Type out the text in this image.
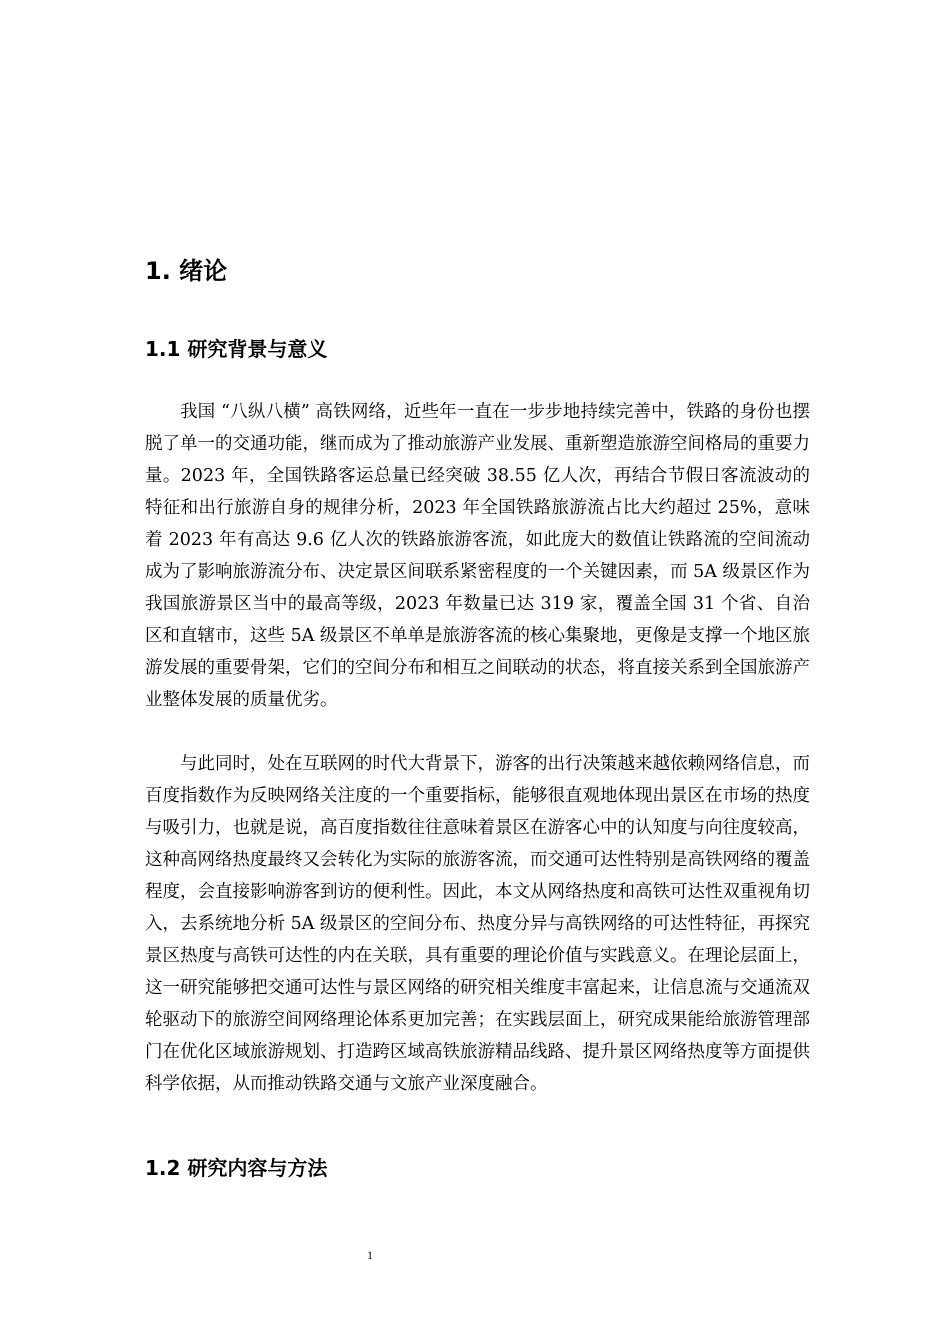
1. 绪论
1.1 研究背景与意义

我国 “八纵八横” 高铁网络，近些年一直在一步步地持续完善中，铁路的身份也摆脱了单一的交通功能，继而成为了推动旅游产业发展、重新塑造旅游空间格局的重要力量。2023 年，全国铁路客运总量已经突破 38.55 亿人次，再结合节假日客流波动的特征和出行旅游自身的规律分析，2023 年全国铁路旅游流占比大约超过 25%，意味着 2023 年有高达 9.6 亿人次的铁路旅游客流，如此庞大的数值让铁路流的空间流动成为了影响旅游流分布、决定景区间联系紧密程度的一个关键因素，而 5A 级景区作为我国旅游景区当中的最高等级，2023 年数量已达 319 家，覆盖全国 31 个省、自治区和直辖市，这些 5A 级景区不单单是旅游客流的核心集聚地，更像是支撑一个地区旅游发展的重要骨架，它们的空间分布和相互之间联动的状态，将直接关系到全国旅游产业整体发展的质量优劣。

与此同时，处在互联网的时代大背景下，游客的出行决策越来越依赖网络信息，而百度指数作为反映网络关注度的一个重要指标，能够很直观地体现出景区在市场的热度与吸引力，也就是说，高百度指数往往意味着景区在游客心中的认知度与向往度较高，这种高网络热度最终又会转化为实际的旅游客流，而交通可达性特别是高铁网络的覆盖程度，会直接影响游客到访的便利性。因此，本文从网络热度和高铁可达性双重视角切入，去系统地分析 5A 级景区的空间分布、热度分异与高铁网络的可达性特征，再探究景区热度与高铁可达性的内在关联，具有重要的理论价值与实践意义。在理论层面上，这一研究能够把交通可达性与景区网络的研究相关维度丰富起来，让信息流与交通流双轮驱动下的旅游空间网络理论体系更加完善；在实践层面上，研究成果能给旅游管理部门在优化区域旅游规划、打造跨区域高铁旅游精品线路、提升景区网络热度等方面提供科学依据，从而推动铁路交通与文旅产业深度融合。

1.2 研究内容与方法
1
